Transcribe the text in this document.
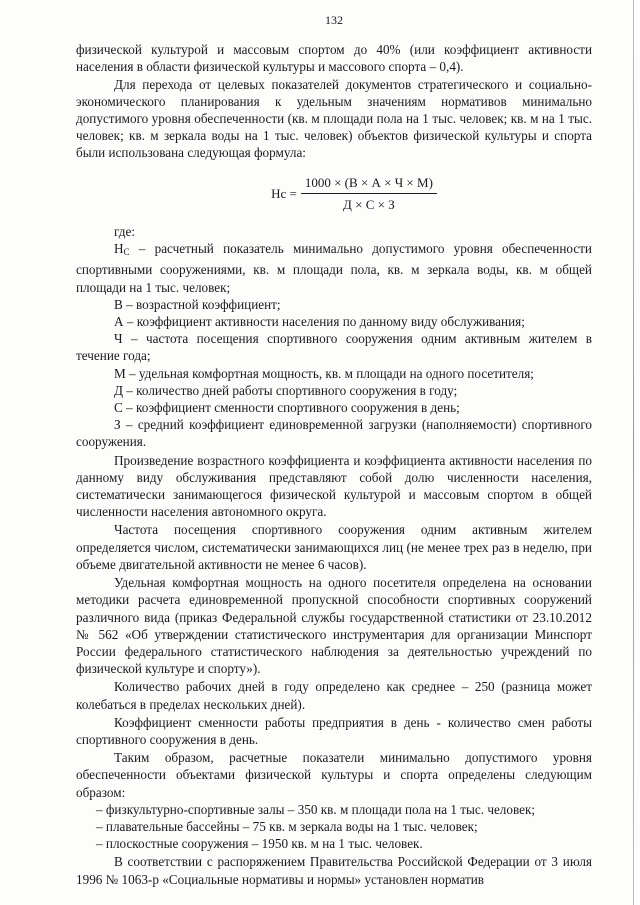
132

физической культурой и массовым спортом до 40% (или коэффициент активности населения в области физической культуры и массового спорта – 0,4).

Для перехода от целевых показателей документов стратегического и социально-экономического планирования к удельным значениям нормативов минимально допустимого уровня обеспеченности (кв. м площади пола на 1 тыс. человек; кв. м на 1 тыс. человек; кв. м зеркала воды на 1 тыс. человек) объектов физической культуры и спорта были использована следующая формула:

Нс = $\frac{1000 \times (В \times А \times Ч \times М)}{Д \times С \times З}$

где:

$Н_С$ – расчетный показатель минимально допустимого уровня обеспеченности спортивными сооружениями, кв. м площади пола, кв. м зеркала воды, кв. м общей площади на 1 тыс. человек;

В – возрастной коэффициент;

А – коэффициент активности населения по данному виду обслуживания;

Ч – частота посещения спортивного сооружения одним активным жителем в течение года;

М – удельная комфортная мощность, кв. м площади на одного посетителя;

Д – количество дней работы спортивного сооружения в году;

С – коэффициент сменности спортивного сооружения в день;

З – средний коэффициент единовременной загрузки (наполняемости) спортивного сооружения.

Произведение возрастного коэффициента и коэффициента активности населения по данному виду обслуживания представляют собой долю численности населения, систематически занимающегося физической культурой и массовым спортом в общей численности населения автономного округа.

Частота посещения спортивного сооружения одним активным жителем определяется числом, систематически занимающихся лиц (не менее трех раз в неделю, при объеме двигательной активности не менее 6 часов).

Удельная комфортная мощность на одного посетителя определена на основании методики расчета единовременной пропускной способности спортивных сооружений различного вида (приказ Федеральной службы государственной статистики от 23.10.2012 № 562 «Об утверждении статистического инструментария для организации Минспорт России федерального статистического наблюдения за деятельностью учреждений по физической культуре и спорту»).

Количество рабочих дней в году определено как среднее – 250 (разница может колебаться в пределах нескольких дней).

Коэффициент сменности работы предприятия в день - количество смен работы спортивного сооружения в день.

Таким образом, расчетные показатели минимально допустимого уровня обеспеченности объектами физической культуры и спорта определены следующим образом:

– физкультурно-спортивные залы – 350 кв. м площади пола на 1 тыс. человек;

– плавательные бассейны – 75 кв. м зеркала воды на 1 тыс. человек;

– плоскостные сооружения – 1950 кв. м на 1 тыс. человек.

В соответствии с распоряжением Правительства Российской Федерации от 3 июля 1996 № 1063-р «Социальные нормативы и нормы» установлен норматив
